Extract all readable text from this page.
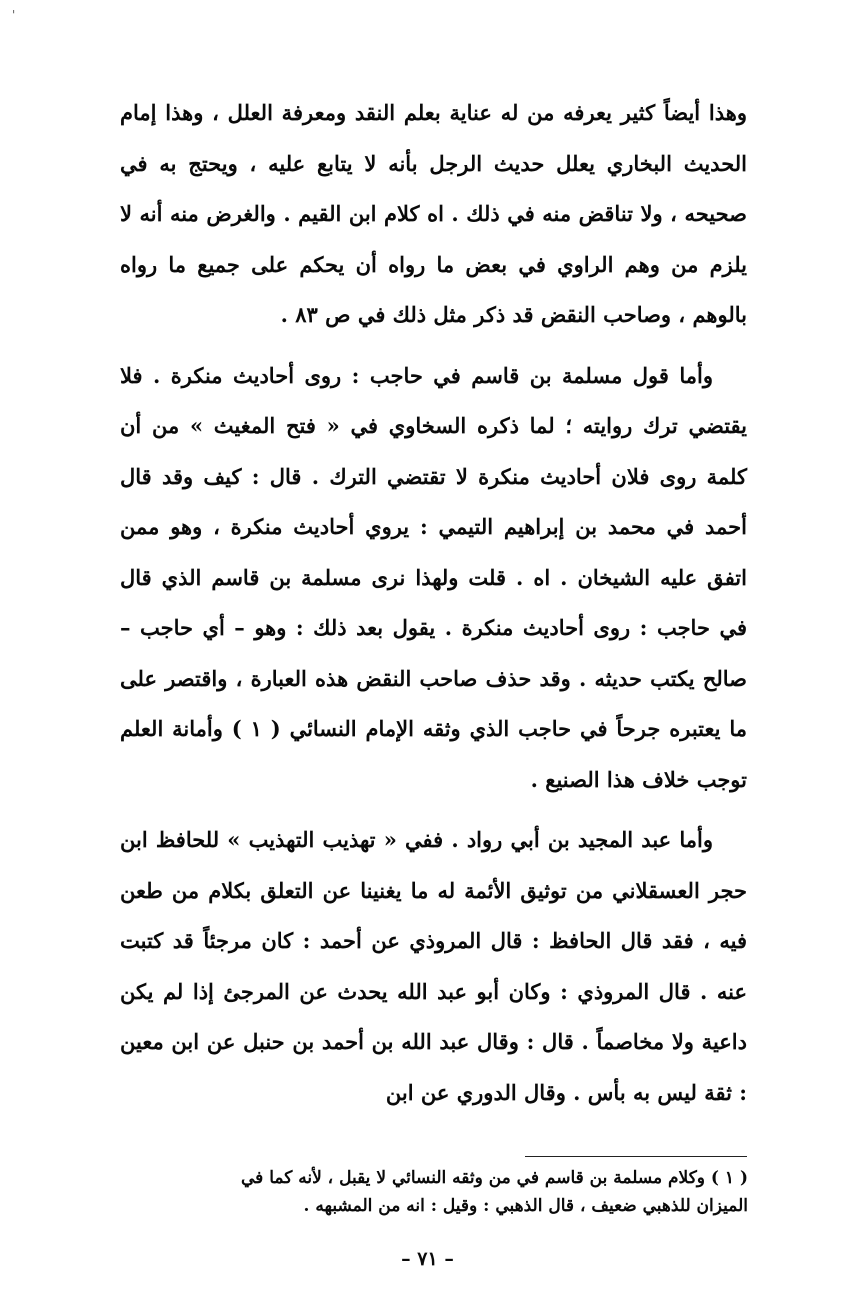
'

وهذا أيضاً كثير يعرفه من له عناية بعلم النقد ومعرفة العلل ، وهذا إمام الحديث البخاري يعلل حديث الرجل بأنه لا يتابع عليه ، ويحتج به في صحيحه ، ولا تناقض منه في ذلك . اه كلام ابن القيم . والغرض منه أنه لا يلزم من وهم الراوي في بعض ما رواه أن يحكم على جميع ما رواه بالوهم ، وصاحب النقض قد ذكر مثل ذلك في ص ٨٣ .

وأما قول مسلمة بن قاسم في حاجب : روى أحاديث منكرة . فلا يقتضي ترك روايته ؛ لما ذكره السخاوي في « فتح المغيث » من أن كلمة روى فلان أحاديث منكرة لا تقتضي الترك . قال : كيف وقد قال أحمد في محمد بن إبراهيم التيمي : يروي أحاديث منكرة ، وهو ممن اتفق عليه الشيخان . اه . قلت ولهذا نرى مسلمة بن قاسم الذي قال في حاجب : روى أحاديث منكرة . يقول بعد ذلك : وهو – أي حاجب – صالح يكتب حديثه . وقد حذف صاحب النقض هذه العبارة ، واقتصر على ما يعتبره جرحاً في حاجب الذي وثقه الإمام النسائي ( ١ ) وأمانة العلم توجب خلاف هذا الصنيع .

وأما عبد المجيد بن أبي رواد . ففي « تهذيب التهذيب » للحافظ ابن حجر العسقلاني من توثيق الأئمة له ما يغنينا عن التعلق بكلام من طعن فيه ، فقد قال الحافظ : قال المروذي عن أحمد : كان مرجئاً قد كتبت عنه . قال المروذي : وكان أبو عبد الله يحدث عن المرجئ إذا لم يكن داعية ولا مخاصماً . قال : وقال عبد الله بن أحمد بن حنبل عن ابن معين : ثقة ليس به بأس . وقال الدوري عن ابن

( ١ ) وكلام مسلمة بن قاسم في من وثقه النسائي لا يقبل ، لأنه كما في
الميزان للذهبي ضعيف ، قال الذهبي : وقيل : انه من المشبهه .
– ٧١ –
